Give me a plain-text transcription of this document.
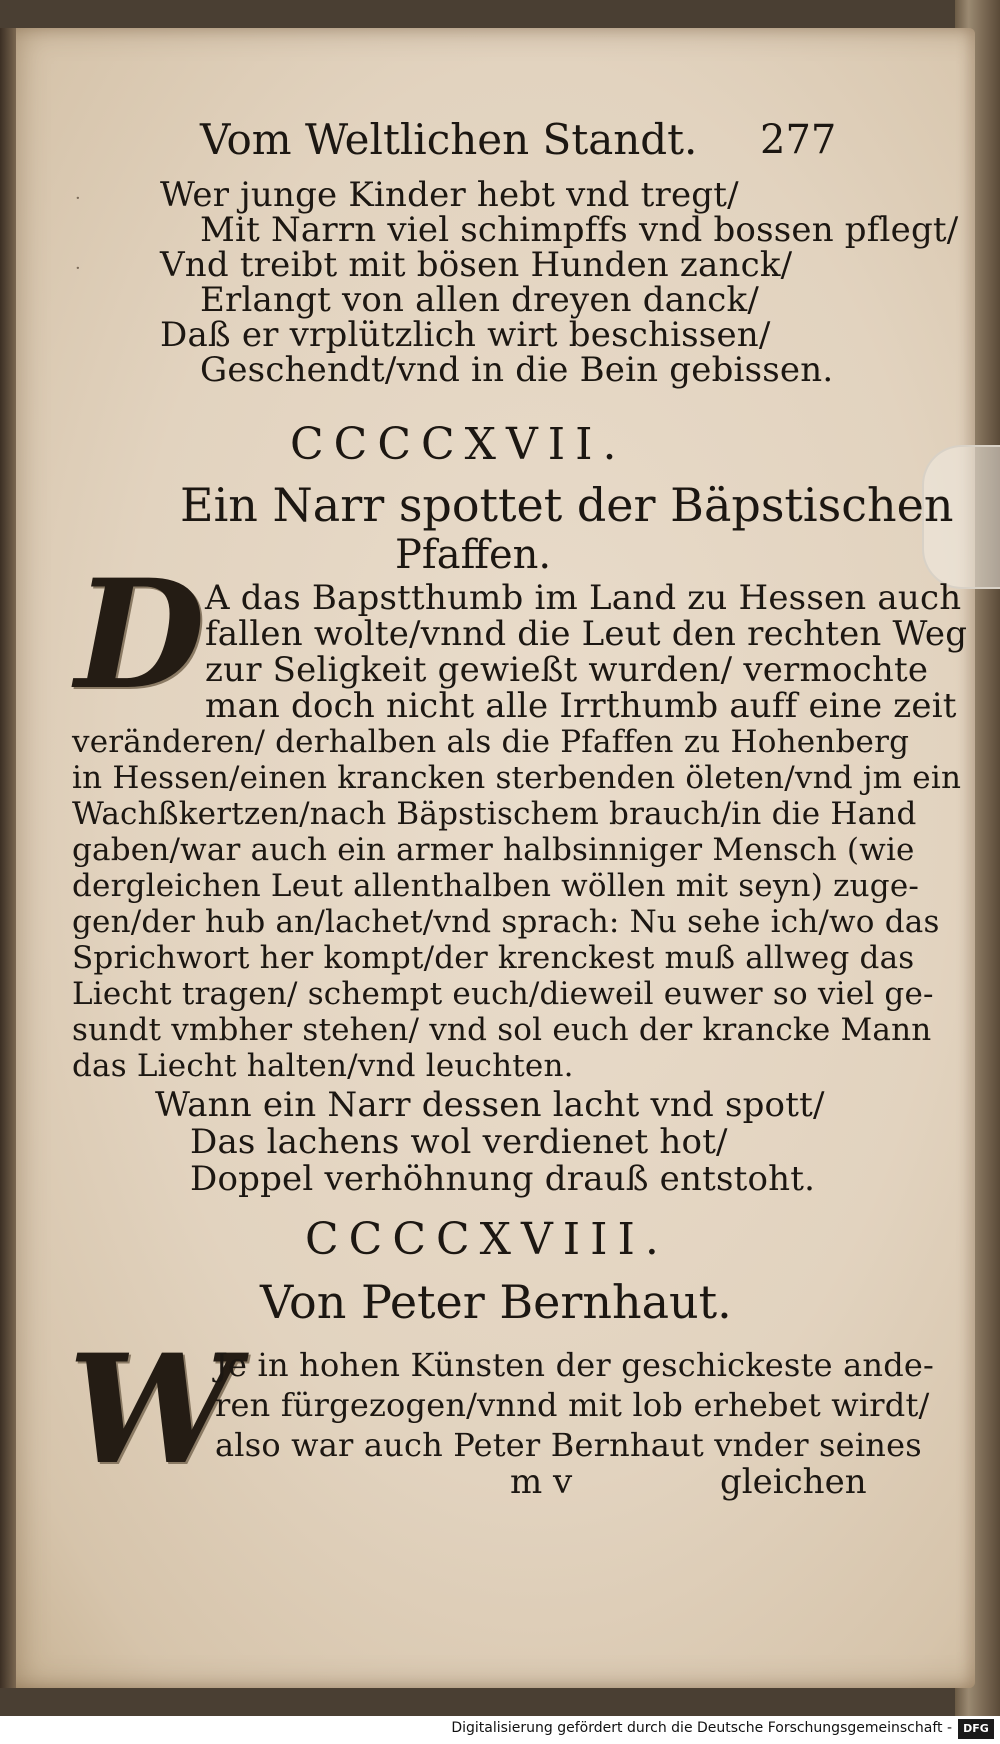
Vom Weltlichen Standt. 277
Wer junge Kinder hebt vnd tregt/
Mit Narrn viel schimpffs vnd bossen pflegt/
Vnd treibt mit bösen Hunden zanck/
Erlangt von allen dreyen danck/
Daß er vrplützlich wirt beschissen/
Geschendt/vnd in die Bein gebissen.
·
·
CCCCXVII.
Ein Narr spottet der Bäpstischen
Pfaffen.
D A das Bapstthumb im Land zu Hessen auch
fallen wolte/vnnd die Leut den rechten Weg
zur Seligkeit gewießt wurden/ vermochte
man doch nicht alle Irrthumb auff eine zeit
veränderen/ derhalben als die Pfaffen zu Hohenberg
in Hessen/einen krancken sterbenden öleten/vnd jm ein
Wachßkertzen/nach Bäpstischem brauch/in die Hand
gaben/war auch ein armer halbsinniger Mensch (wie
dergleichen Leut allenthalben wöllen mit seyn) zuge-
gen/der hub an/lachet/vnd sprach: Nu sehe ich/wo das
Sprichwort her kompt/der krenckest muß allweg das
Liecht tragen/ schempt euch/dieweil euwer so viel ge-
sundt vmbher stehen/ vnd sol euch der krancke Mann
das Liecht halten/vnd leuchten.
Wann ein Narr dessen lacht vnd spott/
Das lachens wol verdienet hot/
Doppel verhöhnung drauß entstoht.
CCCCXVIII.
Von Peter Bernhaut.
W
Je in hohen Künsten der geschickeste ande-
ren fürgezogen/vnnd mit lob erhebet wirdt/
also war auch Peter Bernhaut vnder seines
m v	gleichen
Digitalisierung gefördert durch die Deutsche Forschungsgemeinschaft -	DFG
